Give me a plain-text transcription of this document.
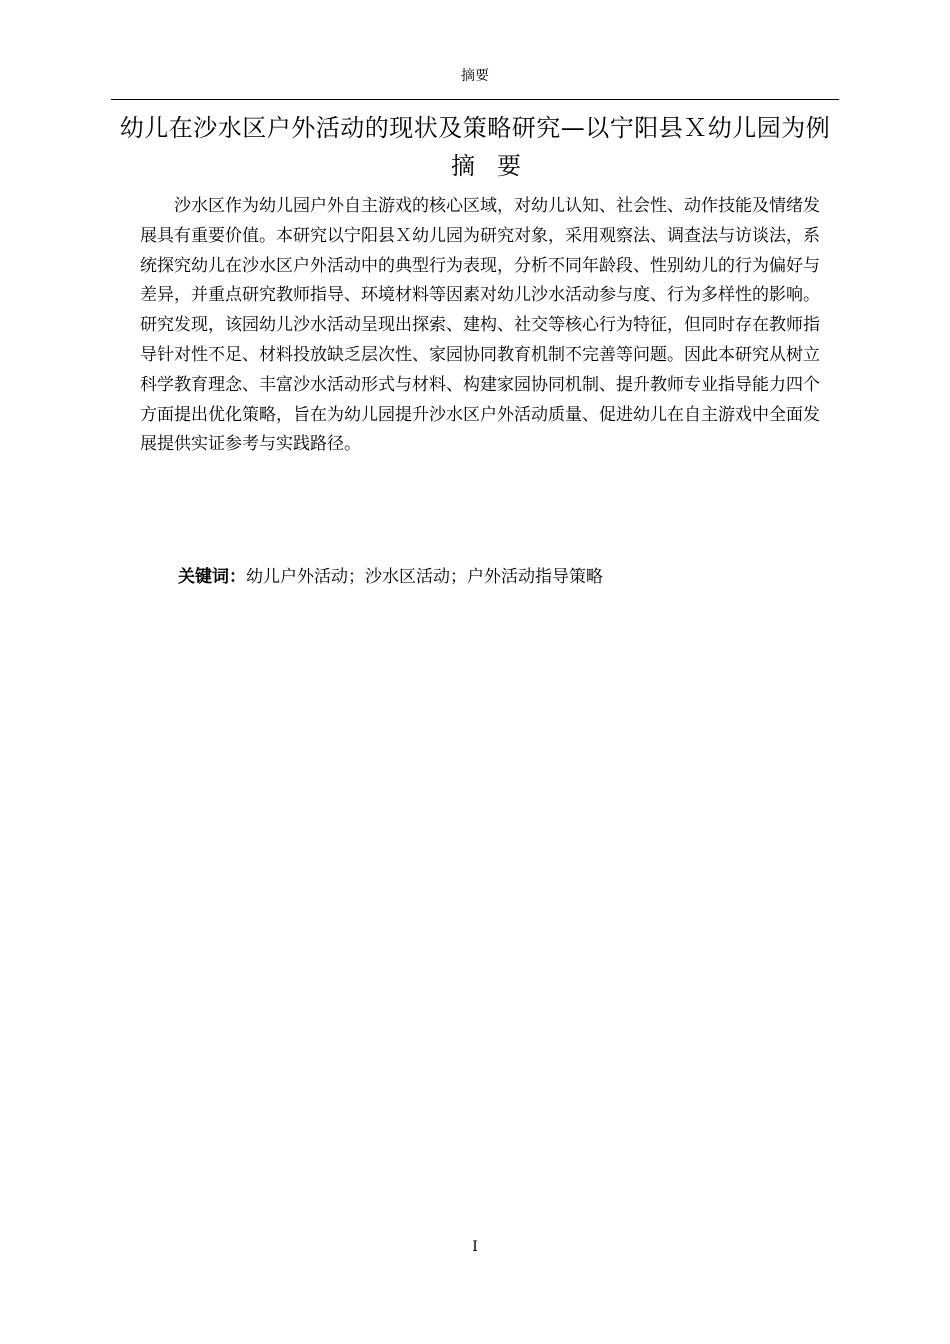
摘要
幼儿在沙水区户外活动的现状及策略研究—以宁阳县Ｘ幼儿园为例
摘要

沙水区作为幼儿园户外自主游戏的核心区域，对幼儿认知、社会性、动作技能及情绪发展具有重要价值。本研究以宁阳县Ｘ幼儿园为研究对象，采用观察法、调查法与访谈法，系统探究幼儿在沙水区户外活动中的典型行为表现，分析不同年龄段、性别幼儿的行为偏好与差异，并重点研究教师指导、环境材料等因素对幼儿沙水活动参与度、行为多样性的影响。研究发现，该园幼儿沙水活动呈现出探索、建构、社交等核心行为特征，但同时存在教师指导针对性不足、材料投放缺乏层次性、家园协同教育机制不完善等问题。因此本研究从树立科学教育理念、丰富沙水活动形式与材料、构建家园协同机制、提升教师专业指导能力四个方面提出优化策略，旨在为幼儿园提升沙水区户外活动质量、促进幼儿在自主游戏中全面发展提供实证参考与实践路径。

关键词：幼儿户外活动；沙水区活动；户外活动指导策略

I
